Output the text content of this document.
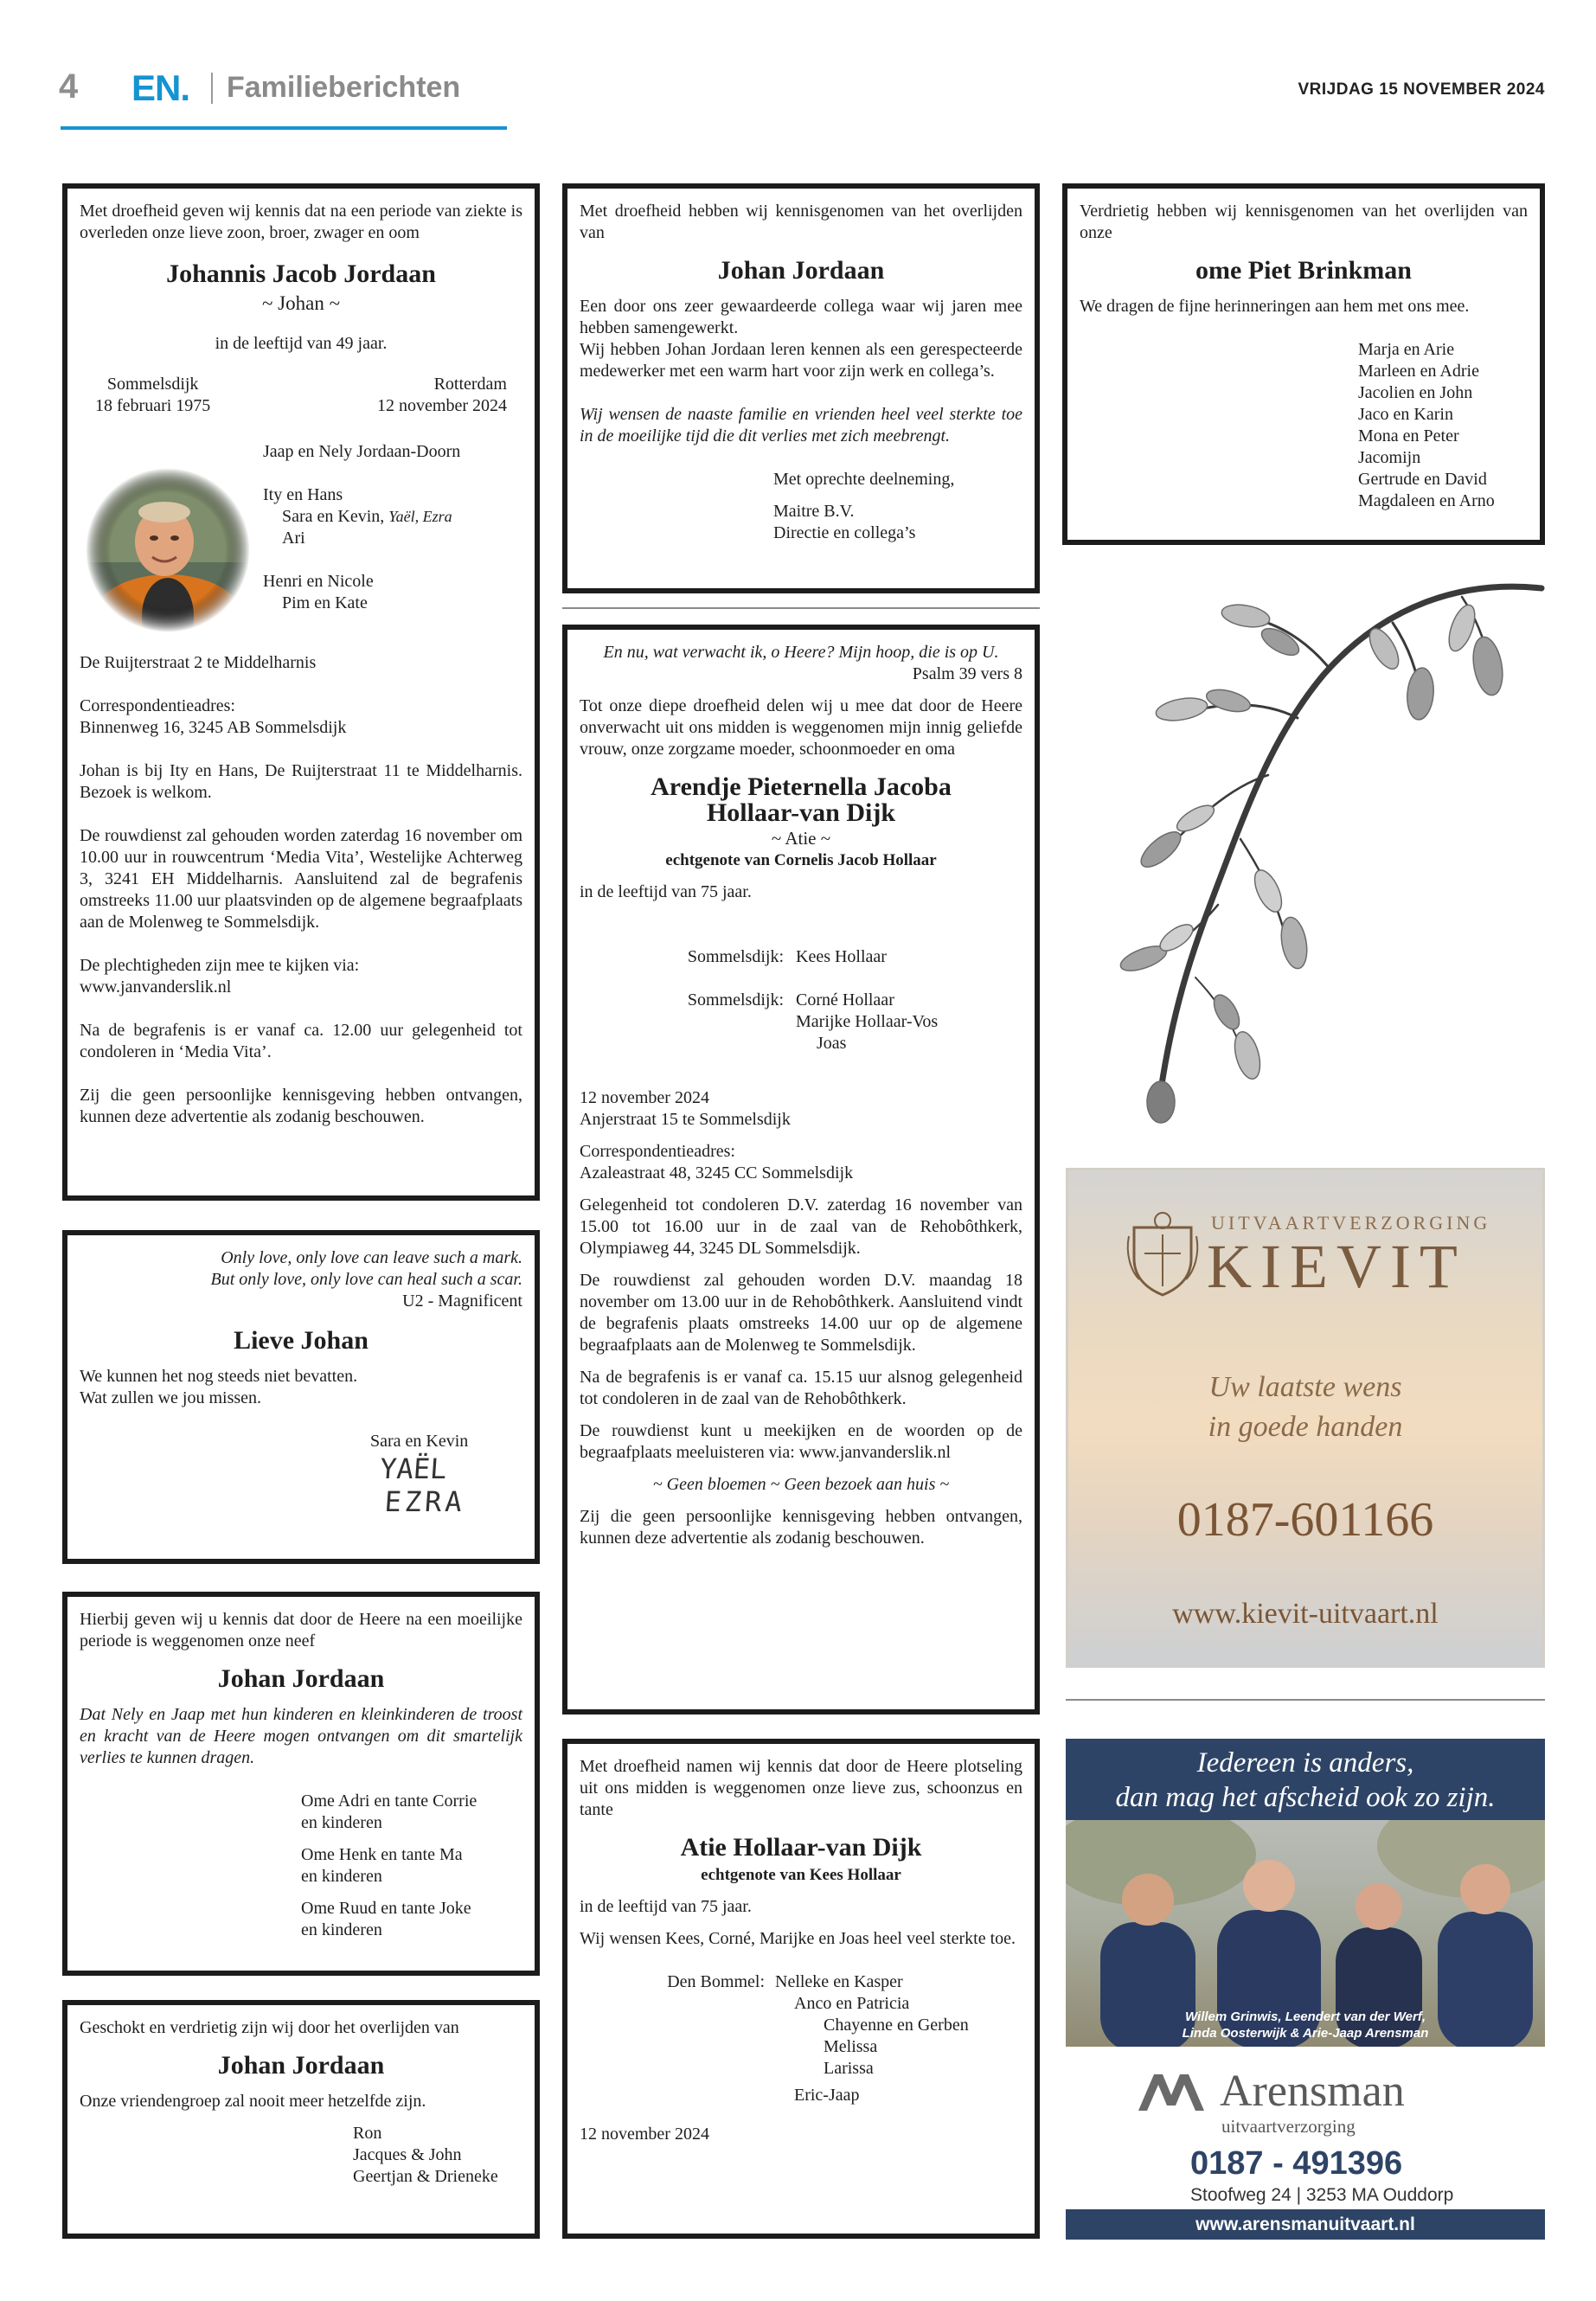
4 EN. Familieberichten	VRIJDAG 15 NOVEMBER 2024

Met droefheid geven wij kennis dat na een periode van ziekte is overleden onze lieve zoon, broer, zwager en oom

Johannis Jacob Jordaan

~ Johan ~

in de leeftijd van 49 jaar.

Sommelsdijk

18 februari 1975

Rotterdam

12 november 2024

Jaap en Nely Jordaan-Doorn

Ity en Hans

Sara en Kevin, Yaël, Ezra

Ari

Henri en Nicole

Pim en Kate

De Ruijterstraat 2 te Middelharnis

Correspondentieadres:

Binnenweg 16, 3245 AB Sommelsdijk

Johan is bij Ity en Hans, De Ruijterstraat 11 te Middelharnis. Bezoek is welkom.

De rouwdienst zal gehouden worden zaterdag 16 november om 10.00 uur in rouwcentrum ‘Media Vita’, Westelijke Achterweg 3, 3241 EH Middelharnis. Aansluitend zal de begrafenis omstreeks 11.00 uur plaatsvinden op de algemene begraafplaats aan de Molenweg te Sommelsdijk.

De plechtigheden zijn mee te kijken via:

www.janvanderslik.nl

Na de begrafenis is er vanaf ca. 12.00 uur gelegenheid tot condoleren in ‘Media Vita’.

Zij die geen persoonlijke kennisgeving hebben ontvangen, kunnen deze advertentie als zodanig beschouwen.

Only love, only love can leave such a mark.

But only love, only love can heal such a scar.

U2 - Magnificent

Lieve Johan

We kunnen het nog steeds niet bevatten.

Wat zullen we jou missen.

Sara en Kevin

YAËL
EZRA

Hierbij geven wij u kennis dat door de Heere na een moeilijke periode is weggenomen onze neef

Johan Jordaan

Dat Nely en Jaap met hun kinderen en kleinkinderen de troost en kracht van de Heere mogen ontvangen om dit smartelijk verlies te kunnen dragen.

Ome Adri en tante Corrie

en kinderen

Ome Henk en tante Ma

en kinderen

Ome Ruud en tante Joke

en kinderen

Geschokt en verdrietig zijn wij door het overlijden van

Johan Jordaan

Onze vriendengroep zal nooit meer hetzelfde zijn.

Ron

Jacques & John

Geertjan & Drieneke

Met droefheid hebben wij kennisgenomen van het overlijden van

Johan Jordaan

Een door ons zeer gewaardeerde collega waar wij jaren mee hebben samengewerkt.

Wij hebben Johan Jordaan leren kennen als een gerespecteerde medewerker met een warm hart voor zijn werk en collega’s.

Wij wensen de naaste familie en vrienden heel veel sterkte toe in de moeilijke tijd die dit verlies met zich meebrengt.

Met oprechte deelneming,

Maitre B.V.

Directie en collega’s

En nu, wat verwacht ik, o Heere? Mijn hoop, die is op U.

Psalm 39 vers 8

Tot onze diepe droefheid delen wij u mee dat door de Heere onverwacht uit ons midden is weggenomen mijn innig geliefde vrouw, onze zorgzame moeder, schoonmoeder en oma

Arendje Pieternella Jacoba
Hollaar-van Dijk

~ Atie ~

echtgenote van Cornelis Jacob Hollaar

in de leeftijd van 75 jaar.

Sommelsdijk: Kees Hollaar

Sommelsdijk: Corné Hollaar

Marijke Hollaar-Vos

Joas

12 november 2024

Anjerstraat 15 te Sommelsdijk

Correspondentieadres:

Azaleastraat 48, 3245 CC Sommelsdijk

Gelegenheid tot condoleren D.V. zaterdag 16 november van 15.00 tot 16.00 uur in de zaal van de Rehobôthkerk, Olympiaweg 44, 3245 DL Sommelsdijk.

De rouwdienst zal gehouden worden D.V. maandag 18 november om 13.00 uur in de Rehobôthkerk. Aansluitend vindt de begrafenis plaats omstreeks 14.00 uur op de algemene begraafplaats aan de Molenweg te Sommelsdijk.

Na de begrafenis is er vanaf ca. 15.15 uur alsnog gelegenheid tot condoleren in de zaal van de Rehobôthkerk.

De rouwdienst kunt u meekijken en de woorden op de begraafplaats meeluisteren via: www.janvanderslik.nl

~ Geen bloemen ~ Geen bezoek aan huis ~

Zij die geen persoonlijke kennisgeving hebben ontvangen, kunnen deze advertentie als zodanig beschouwen.

Met droefheid namen wij kennis dat door de Heere plotseling uit ons midden is weggenomen onze lieve zus, schoonzus en tante

Atie Hollaar-van Dijk

echtgenote van Kees Hollaar

in de leeftijd van 75 jaar.

Wij wensen Kees, Corné, Marijke en Joas heel veel sterkte toe.

Den Bommel: Nelleke en Kasper

Anco en Patricia

Chayenne en Gerben

Melissa

Larissa

Eric-Jaap

12 november 2024

Verdrietig hebben wij kennisgenomen van het overlijden van onze

ome Piet Brinkman

We dragen de fijne herinneringen aan hem met ons mee.

Marja en Arie

Marleen en Adrie

Jacolien en John

Jaco en Karin

Mona en Peter

Jacomijn

Gertrude en David

Magdaleen en Arno

UITVAARTVERZORGING
KIEVIT
Uw laatste wens
in goede handen
0187-601166
www.kievit-uitvaart.nl
Iedereen is anders,
dan mag het afscheid ook zo zijn.
Willem Grinwis, Leendert van der Werf,
Linda Oosterwijk & Arie-Jaap Arensman
Arensman
uitvaartverzorging
0187 - 491396
Stoofweg 24 | 3253 MA Ouddorp
www.arensmanuitvaart.nl
